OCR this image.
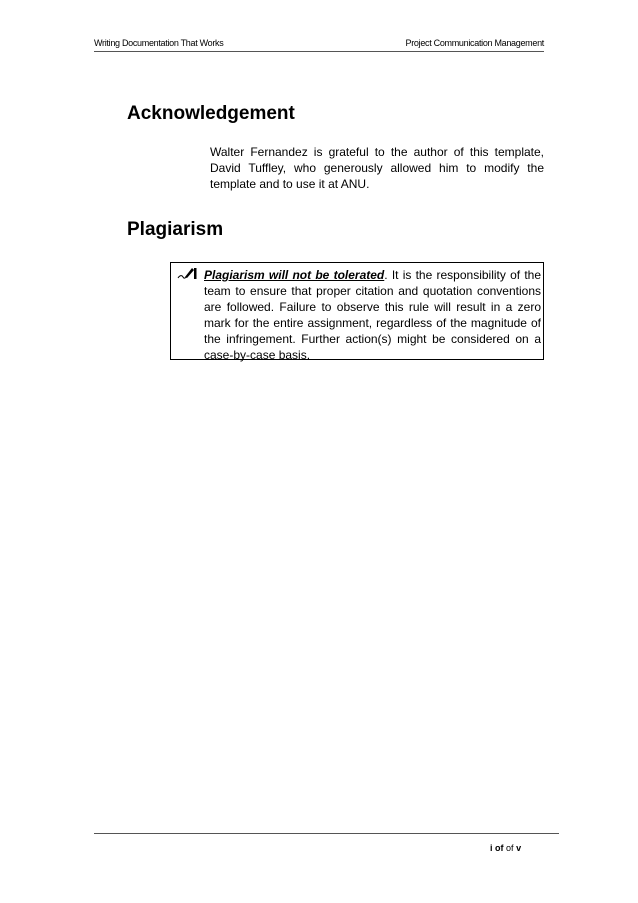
Writing Documentation That Works	Project Communication Management
Acknowledgement
Walter Fernandez is grateful to the author of this template, David Tuffley, who generously allowed him to modify the template and to use it at ANU.
Plagiarism
Plagiarism will not be tolerated. It is the responsibility of the team to ensure that proper citation and quotation conventions are followed. Failure to observe this rule will result in a zero mark for the entire assignment, regardless of the magnitude of the infringement. Further action(s) might be considered on a case-by-case basis.
i of of v
